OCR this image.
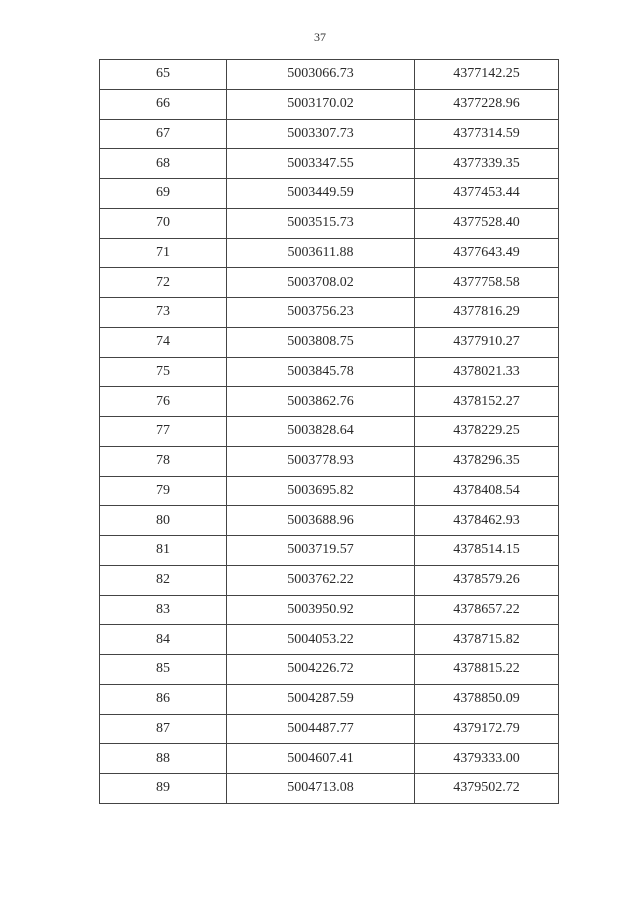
37
65	5003066.73	4377142.25
66	5003170.02	4377228.96
67	5003307.73	4377314.59
68	5003347.55	4377339.35
69	5003449.59	4377453.44
70	5003515.73	4377528.40
71	5003611.88	4377643.49
72	5003708.02	4377758.58
73	5003756.23	4377816.29
74	5003808.75	4377910.27
75	5003845.78	4378021.33
76	5003862.76	4378152.27
77	5003828.64	4378229.25
78	5003778.93	4378296.35
79	5003695.82	4378408.54
80	5003688.96	4378462.93
81	5003719.57	4378514.15
82	5003762.22	4378579.26
83	5003950.92	4378657.22
84	5004053.22	4378715.82
85	5004226.72	4378815.22
86	5004287.59	4378850.09
87	5004487.77	4379172.79
88	5004607.41	4379333.00
89	5004713.08	4379502.72
